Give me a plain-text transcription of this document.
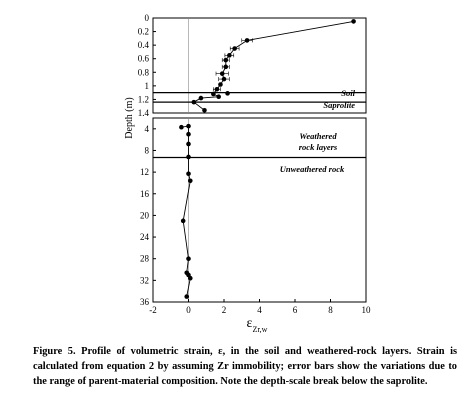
0
0.2
0.4
0.6
0.8
1
1.2
1.4
4
8
12
16
20
24
28
32
36
-2	0	2	4	6	8	10
Soil
Saprolite
Weathered
rock layers
Unweathered rock
Depth (m)
$\varepsilon_{Zr,w}$
Figure 5. Profile of volumetric strain, ε, in the soil and weathered-rock layers. Strain is calculated from equation 2 by assuming Zr immobility; error bars show the variations due to the range of parent-material composition. Note the depth-scale break below the saprolite.
